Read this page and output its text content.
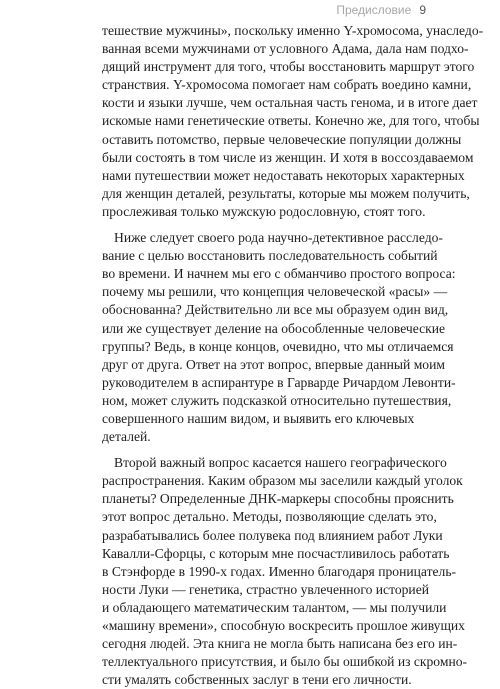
Предисловие 9
тешествие мужчины», поскольку именно Y-хромосома, унаследо-
ванная всеми мужчинами от условного Адама, дала нам подхо-
дящий инструмент для того, чтобы восстановить маршрут этого
странствия. Y-хромосома помогает нам собрать воедино камни,
кости и языки лучше, чем остальная часть генома, и в итоге дает
искомые нами генетические ответы. Конечно же, для того, чтобы
оставить потомство, первые человеческие популяции должны
были состоять в том числе из женщин. И хотя в воссоздаваемом
нами путешествии может недоставать некоторых характерных
для женщин деталей, результаты, которые мы можем получить,
прослеживая только мужскую родословную, стоят того.
Ниже следует своего рода научно-детективное расследо-
вание с целью восстановить последовательность событий
во времени. И начнем мы его с обманчиво простого вопроса:
почему мы решили, что концепция человеческой «расы» —
обоснованна? Действительно ли все мы образуем один вид,
или же существует деление на обособленные человеческие
группы? Ведь, в конце концов, очевидно, что мы отличаемся
друг от друга. Ответ на этот вопрос, впервые данный моим
руководителем в аспирантуре в Гарварде Ричардом Левонти-
ном, может служить подсказкой относительно путешествия,
совершенного нашим видом, и выявить его ключевых
деталей.
Второй важный вопрос касается нашего географического
распространения. Каким образом мы заселили каждый уголок
планеты? Определенные ДНК-маркеры способны прояснить
этот вопрос детально. Методы, позволяющие сделать это,
разрабатывались более полувека под влиянием работ Луки
Кавалли-Сфорцы, с которым мне посчастливилось работать
в Стэнфорде в 1990-х годах. Именно благодаря проницатель-
ности Луки — генетика, страстно увлеченного историей
и обладающего математическим талантом, — мы получили
«машину времени», способную воскресить прошлое живущих
сегодня людей. Эта книга не могла быть написана без его ин-
теллектуального присутствия, и было бы ошибкой из скромно-
сти умалять собственных заслуг в тени его личности.
